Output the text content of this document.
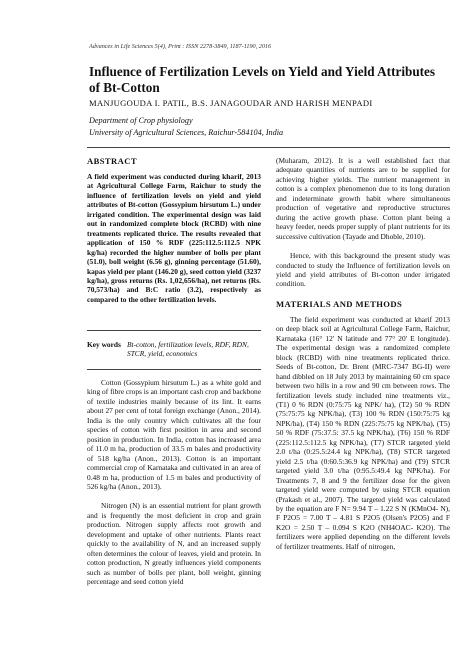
Advances in Life Sciences 5(4), Print : ISSN 2278-3849, 1187-1190, 2016
Influence of Fertilization Levels on Yield and Yield Attributes of Bt-Cotton
MANJUGOUDA I. PATIL, B.S. JANAGOUDAR AND HARISH MENPADI
Department of Crop physiology
University of Agricultural Sciences, Raichur-584104, India
ABSTRACT

A field experiment was conducted during kharif, 2013 at Agricultural College Farm, Raichur to study the influence of fertilization levels on yield and yield attributes of Bt-cotton (Gossypium hirsutum L.) under irrigated condition. The experimental design was laid out in randomized complete block (RCBD) with nine treatments replicated thrice. The results revealed that application of 150 % RDF (225:112.5:112.5 NPK kg/ha) recorded the higher number of bolls per plant (51.0), boll weight (6.56 g), ginning percentage (51.60), kapas yield per plant (146.20 g), seed cotton yield (3237 kg/ha), gross returns (Rs. 1,02,656/ha), net returns (Rs. 70,573/ha) and B:C ratio (3.2), respectively as compared to the other fertilization levels.

Key words Bt-cotton, fertilization levels, RDF, RDN, STCR, yield, economics

Cotton (Gossypium hirsutum L.) as a white gold and king of fibre crops is an important cash crop and backbone of textile industries mainly because of its lint. It earns about 27 per cent of total foreign exchange (Anon., 2014). India is the only country which cultivates all the four species of cotton with first position in area and second position in production. In India, cotton has increased area of 11.0 m ha, production of 33.5 m bales and productivity of 518 kg/ha (Anon., 2013). Cotton is an important commercial crop of Karnataka and cultivated in an area of 0.48 m ha, production of 1.5 m bales and productivity of 526 kg/ha (Anon., 2013).

Nitrogen (N) is an essential nutrient for plant growth and is frequently the most deficient in crop and grain production. Nitrogen supply affects root growth and development and uptake of other nutrients. Plants react quickly to the availability of N, and an increased supply often determines the colour of leaves, yield and protein. In cotton production, N greatly influences yield components such as number of bolls per plant, boll weight, ginning percentage and seed cotton yield

(Muharam, 2012). It is a well established fact that adequate quantities of nutrients are to be supplied for achieving higher yields. The nutrient management in cotton is a complex phenomenon due to its long duration and indeterminate growth habit where simultaneous production of vegetative and reproductive structures during the active growth phase. Cotton plant being a heavy feeder, needs proper supply of plant nutrients for its successive cultivation (Tayade and Dhoble, 2010).

Hence, with this background the present study was conducted to study the Influence of fertilization levels on yield and yield attributes of Bt-cotton under irrigated condition.

MATERIALS AND METHODS

The field experiment was conducted at kharif 2013 on deep black soil at Agricultural College Farm, Raichur, Karnataka (16° 12' N latitude and 77° 20' E longitude). The experimental design was a randomized complete block (RCBD) with nine treatments replicated thrice. Seeds of Bt-cotton, Dr. Brent (MRC-7347 BG-II) were hand dibbled on 18 July 2013 by maintaining 60 cm space between two hills in a row and 90 cm between rows. The fertilization levels study included nine treatments viz., (T1) 0 % RDN (0:75:75 kg NPK/ ha), (T2) 50 % RDN (75:75:75 kg NPK/ha), (T3) 100 % RDN (150:75:75 kg NPK/ha), (T4) 150 % RDN (225:75:75 kg NPK/ha), (T5) 50 % RDF (75:37.5: 37.5 kg NPK/ha), (T6) 150 % RDF (225:112.5:112.5 kg NPK/ha), (T7) STCR targeted yield 2.0 t/ha (0:25.5:24.4 kg NPK/ha), (T8) STCR targeted yield 2.5 t/ha (0:60.5:36.9 kg NPK/ha) and (T9) STCR targeted yield 3.0 t/ha (0:95.5:49.4 kg NPK/ha). For Treatments 7, 8 and 9 the fertilizer dose for the given targeted yield were computed by using STCR equation (Prakash et al., 2007). The targeted yield was calculated by the equation are F N= 9.94 T – 1.22 S N (KMnO4- N), F P2O5 = 7.00 T – 4.81 S P2O5 (Olsen's P2O5) and F K2O = 2.50 T – 0.094 S K2O (NH4OAC- K2O). The fertilizers were applied depending on the different levels of fertilizer treatments. Half of nitrogen,
